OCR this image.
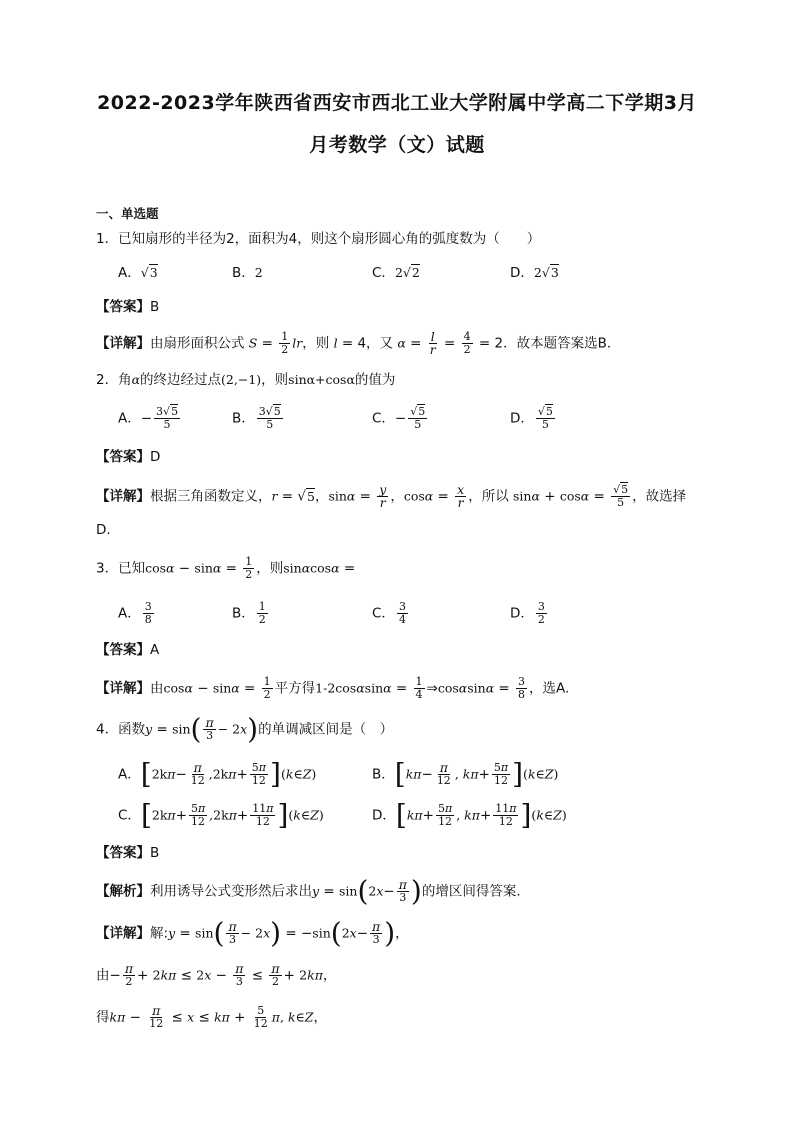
2022-2023学年陕西省西安市西北工业大学附属中学高二下学期3月
月考数学（文）试题
一、单选题
1．已知扇形的半径为2，面积为4，则这个扇形圆心角的弧度数为（　　）
A．√3	B．2	C．2√2	D．2√3
【答案】B
【详解】由扇形面积公式 $S = \frac{1}{2}$ lr，则 l = 4，又 $\alpha = \frac{l}{r} = \frac{4}{2} = 2$．故本题答案选B．
2．角α的终边经过点(2,−1)，则sinα+cosα的值为
A．− $\frac{3√5}{5}$	B． $\frac{3√5}{5}$	C．− $\frac{√5}{5}$	D． $\frac{√5}{5}$
【答案】D
【详解】根据三角函数定义，r = √5，$\sin\alpha = \frac{y}{r}$ ，$\cos\alpha = \frac{x}{r}$ ，所以 $\sin\alpha + \cos\alpha = \frac{√5}{5}$ ，故选择
D.
3．已知$\cos\alpha - \sin\alpha = \frac{1}{2}$ ，则sinαcosα =
A． $\frac{3}{8}$	B． $\frac{1}{2}$	C． $\frac{3}{4}$	D． $\frac{3}{2}$
【答案】A
【详解】由$\cos\alpha - \sin\alpha = \frac{1}{2}$ 平方得$1-2\cos\alpha\sin\alpha = \frac{1}{4}$ ⇒cosαsinα = $\frac{3}{8}$ ，选A.
4．函数$y = \sin( \frac{\pi}{3} - 2x)$的单调减区间是（　）
A．[$2k\pi- \frac{\pi}{12} ,2k\pi+ \frac{5\pi}{12}$ ](k∈Z)	B．[$k\pi- \frac{\pi}{12}$ , $k\pi+ \frac{5\pi}{12}$ ](k∈Z)
C．[$2k\pi+ \frac{5\pi}{12} ,2k\pi+ \frac{11\pi}{12}$ ](k∈Z)	D．[$k\pi+ \frac{5\pi}{12}$ , $k\pi+ \frac{11\pi}{12}$ ](k∈Z)
【答案】B
【解析】利用诱导公式变形然后求出$y = \sin(2x- \frac{\pi}{3}$ )的增区间得答案.
【详解】解:y = $\sin( \frac{\pi}{3} - 2x) = -\sin(2x- \frac{\pi}{3}$ )，
由− $\frac{\pi}{2} + 2k\pi \le 2x - \frac{\pi}{3} \le \frac{\pi}{2} + 2k\pi$，
得$k\pi - \frac{\pi}{12} \le x \le k\pi + \frac{5}{12} \pi$, k∈Z，
